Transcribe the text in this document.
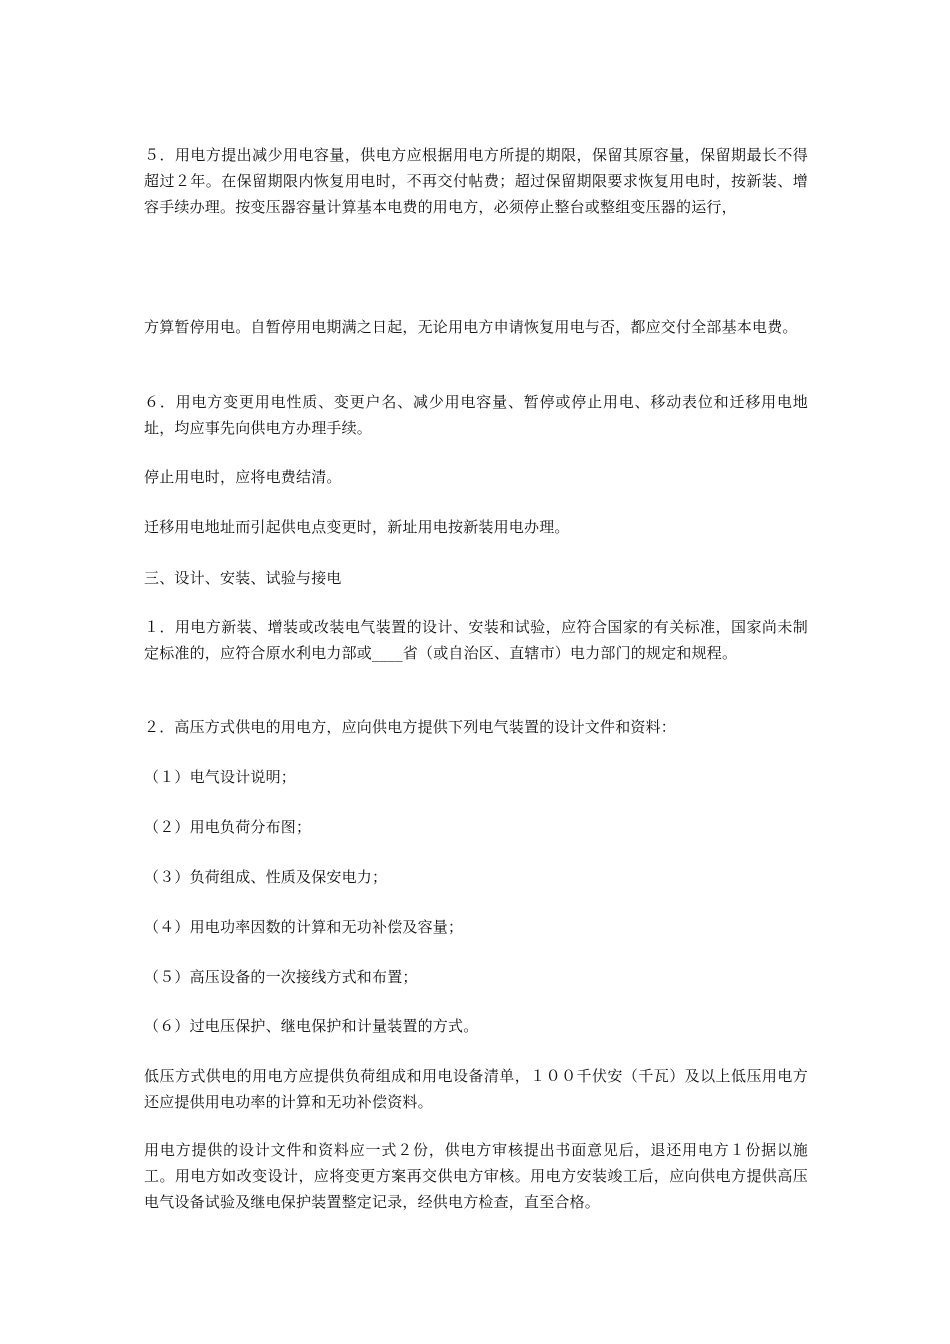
５．用电方提出减少用电容量，供电方应根据用电方所提的期限，保留其原容量，保留期最长不得超过２年。在保留期限内恢复用电时，不再交付帖费；超过保留期限要求恢复用电时，按新装、增容手续办理。按变压器容量计算基本电费的用电方，必须停止整台或整组变压器的运行，

方算暂停用电。自暂停用电期满之日起，无论用电方申请恢复用电与否，都应交付全部基本电费。

６．用电方变更用电性质、变更户名、减少用电容量、暂停或停止用电、移动表位和迁移用电地址，均应事先向供电方办理手续。

停止用电时，应将电费结清。

迁移用电地址而引起供电点变更时，新址用电按新装用电办理。

三、设计、安装、试验与接电

１．用电方新装、增装或改装电气装置的设计、安装和试验，应符合国家的有关标准，国家尚未制定标准的，应符合原水利电力部或____省（或自治区、直辖市）电力部门的规定和规程。

２．高压方式供电的用电方，应向供电方提供下列电气装置的设计文件和资料：

（１）电气设计说明；

（２）用电负荷分布图；

（３）负荷组成、性质及保安电力；

（４）用电功率因数的计算和无功补偿及容量；

（５）高压设备的一次接线方式和布置；

（６）过电压保护、继电保护和计量装置的方式。

低压方式供电的用电方应提供负荷组成和用电设备清单，１００千伏安（千瓦）及以上低压用电方还应提供用电功率的计算和无功补偿资料。

用电方提供的设计文件和资料应一式２份，供电方审核提出书面意见后，退还用电方１份据以施工。用电方如改变设计，应将变更方案再交供电方审核。用电方安装竣工后，应向供电方提供高压电气设备试验及继电保护装置整定记录，经供电方检查，直至合格。
